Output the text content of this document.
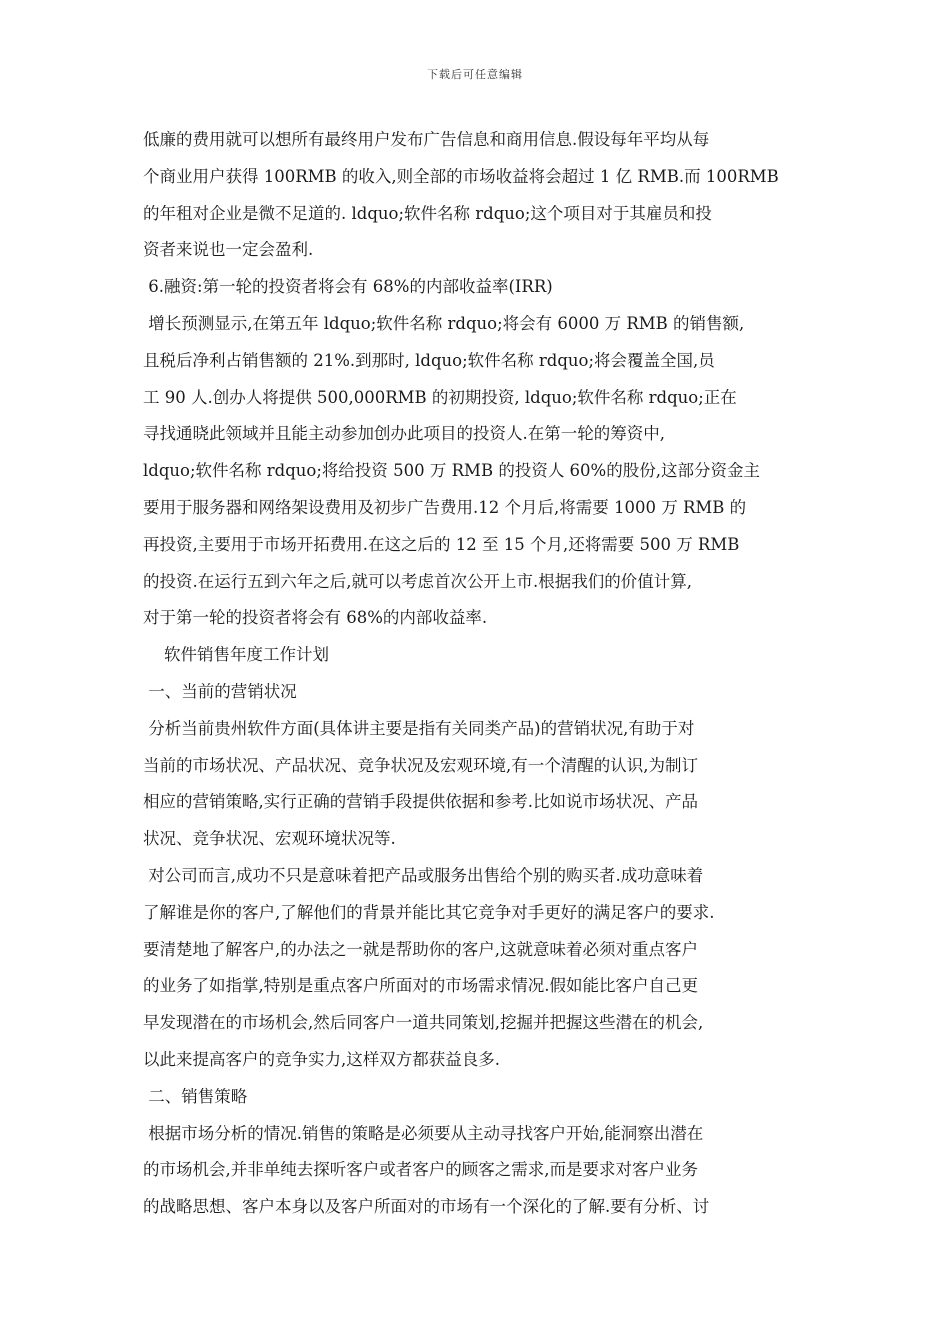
下载后可任意编辑
低廉的费用就可以想所有最终用户发布广告信息和商用信息.假设每年平均从每
个商业用户获得 100RMB 的收入,则全部的市场收益将会超过 1 亿 RMB.而 100RMB
的年租对企业是微不足道的. ldquo;软件名称 rdquo;这个项目对于其雇员和投
资者来说也一定会盈利.
6.融资:第一轮的投资者将会有 68%的内部收益率(IRR)
增长预测显示,在第五年 ldquo;软件名称 rdquo;将会有 6000 万 RMB 的销售额,
且税后净利占销售额的 21%.到那时, ldquo;软件名称 rdquo;将会覆盖全国,员
工 90 人.创办人将提供 500,000RMB 的初期投资, ldquo;软件名称 rdquo;正在
寻找通晓此领域并且能主动参加创办此项目的投资人.在第一轮的筹资中,
ldquo;软件名称 rdquo;将给投资 500 万 RMB 的投资人 60%的股份,这部分资金主
要用于服务器和网络架设费用及初步广告费用.12 个月后,将需要 1000 万 RMB 的
再投资,主要用于市场开拓费用.在这之后的 12 至 15 个月,还将需要 500 万 RMB
的投资.在运行五到六年之后,就可以考虑首次公开上市.根据我们的价值计算,
对于第一轮的投资者将会有 68%的内部收益率.
软件销售年度工作计划
一、当前的营销状况
分析当前贵州软件方面(具体讲主要是指有关同类产品)的营销状况,有助于对
当前的市场状况、产品状况、竞争状况及宏观环境,有一个清醒的认识,为制订
相应的营销策略,实行正确的营销手段提供依据和参考.比如说市场状况、产品
状况、竞争状况、宏观环境状况等.
对公司而言,成功不只是意味着把产品或服务出售给个别的购买者.成功意味着
了解谁是你的客户,了解他们的背景并能比其它竞争对手更好的满足客户的要求.
要清楚地了解客户,的办法之一就是帮助你的客户,这就意味着必须对重点客户
的业务了如指掌,特别是重点客户所面对的市场需求情况.假如能比客户自己更
早发现潜在的市场机会,然后同客户一道共同策划,挖掘并把握这些潜在的机会,
以此来提高客户的竞争实力,这样双方都获益良多.
二、销售策略
根据市场分析的情况.销售的策略是必须要从主动寻找客户开始,能洞察出潜在
的市场机会,并非单纯去探听客户或者客户的顾客之需求,而是要求对客户业务
的战略思想、客户本身以及客户所面对的市场有一个深化的了解.要有分析、讨
